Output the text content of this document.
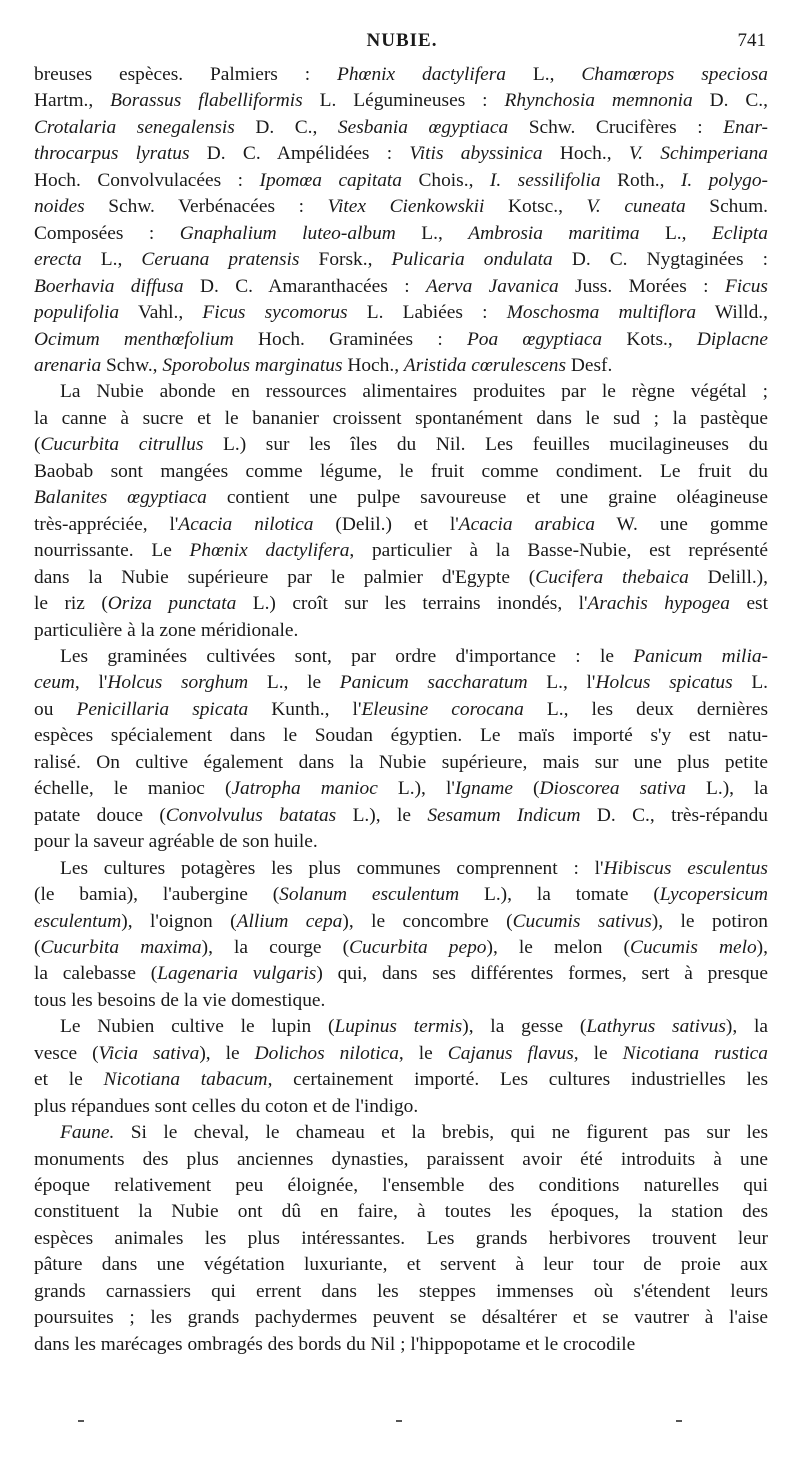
NUBIE.	741
breuses espèces. Palmiers : Phœnix dactylifera L., Chamœrops speciosa
Hartm., Borassus flabelliformis L. Légumineuses : Rhynchosia memnonia D. C.,
Crotalaria senegalensis D. C., Sesbania œgyptiaca Schw. Crucifères : Enar-
throcarpus lyratus D. C. Ampélidées : Vitis abyssinica Hoch., V. Schimperiana
Hoch. Convolvulacées : Ipomœa capitata Chois., I. sessilifolia Roth., I. polygo-
noides Schw. Verbénacées : Vitex Cienkowskii Kotsc., V. cuneata Schum.
Composées : Gnaphalium luteo-album L., Ambrosia maritima L., Eclipta
erecta L., Ceruana pratensis Forsk., Pulicaria ondulata D. C. Nygtaginées :
Boerhavia diffusa D. C. Amaranthacées : Aerva Javanica Juss. Morées : Ficus
populifolia Vahl., Ficus sycomorus L. Labiées : Moschosma multiflora Willd.,
Ocimum menthœfolium Hoch. Graminées : Poa œgyptiaca Kots., Diplacne
arenaria Schw., Sporobolus marginatus Hoch., Aristida cœrulescens Desf.
La Nubie abonde en ressources alimentaires produites par le règne végétal ;
la canne à sucre et le bananier croissent spontanément dans le sud ; la pastèque
(Cucurbita citrullus L.) sur les îles du Nil. Les feuilles mucilagineuses du
Baobab sont mangées comme légume, le fruit comme condiment. Le fruit du
Balanites œgyptiaca contient une pulpe savoureuse et une graine oléagineuse
très-appréciée, l'Acacia nilotica (Delil.) et l'Acacia arabica W. une gomme
nourrissante. Le Phœnix dactylifera, particulier à la Basse-Nubie, est représenté
dans la Nubie supérieure par le palmier d'Egypte (Cucifera thebaica Delill.),
le riz (Oriza punctata L.) croît sur les terrains inondés, l'Arachis hypogea est
particulière à la zone méridionale.
Les graminées cultivées sont, par ordre d'importance : le Panicum milia-
ceum, l'Holcus sorghum L., le Panicum saccharatum L., l'Holcus spicatus L.
ou Penicillaria spicata Kunth., l'Eleusine corocana L., les deux dernières
espèces spécialement dans le Soudan égyptien. Le maïs importé s'y est natu-
ralisé. On cultive également dans la Nubie supérieure, mais sur une plus petite
échelle, le manioc (Jatropha manioc L.), l'Igname (Dioscorea sativa L.), la
patate douce (Convolvulus batatas L.), le Sesamum Indicum D. C., très-répandu
pour la saveur agréable de son huile.
Les cultures potagères les plus communes comprennent : l'Hibiscus esculentus
(le bamia), l'aubergine (Solanum esculentum L.), la tomate (Lycopersicum
esculentum), l'oignon (Allium cepa), le concombre (Cucumis sativus), le potiron
(Cucurbita maxima), la courge (Cucurbita pepo), le melon (Cucumis melo),
la calebasse (Lagenaria vulgaris) qui, dans ses différentes formes, sert à presque
tous les besoins de la vie domestique.
Le Nubien cultive le lupin (Lupinus termis), la gesse (Lathyrus sativus), la
vesce (Vicia sativa), le Dolichos nilotica, le Cajanus flavus, le Nicotiana rustica
et le Nicotiana tabacum, certainement importé. Les cultures industrielles les
plus répandues sont celles du coton et de l'indigo.
Faune. Si le cheval, le chameau et la brebis, qui ne figurent pas sur les
monuments des plus anciennes dynasties, paraissent avoir été introduits à une
époque relativement peu éloignée, l'ensemble des conditions naturelles qui
constituent la Nubie ont dû en faire, à toutes les époques, la station des
espèces animales les plus intéressantes. Les grands herbivores trouvent leur
pâture dans une végétation luxuriante, et servent à leur tour de proie aux
grands carnassiers qui errent dans les steppes immenses où s'étendent leurs
poursuites ; les grands pachydermes peuvent se désaltérer et se vautrer à l'aise
dans les marécages ombragés des bords du Nil ; l'hippopotame et le crocodile
